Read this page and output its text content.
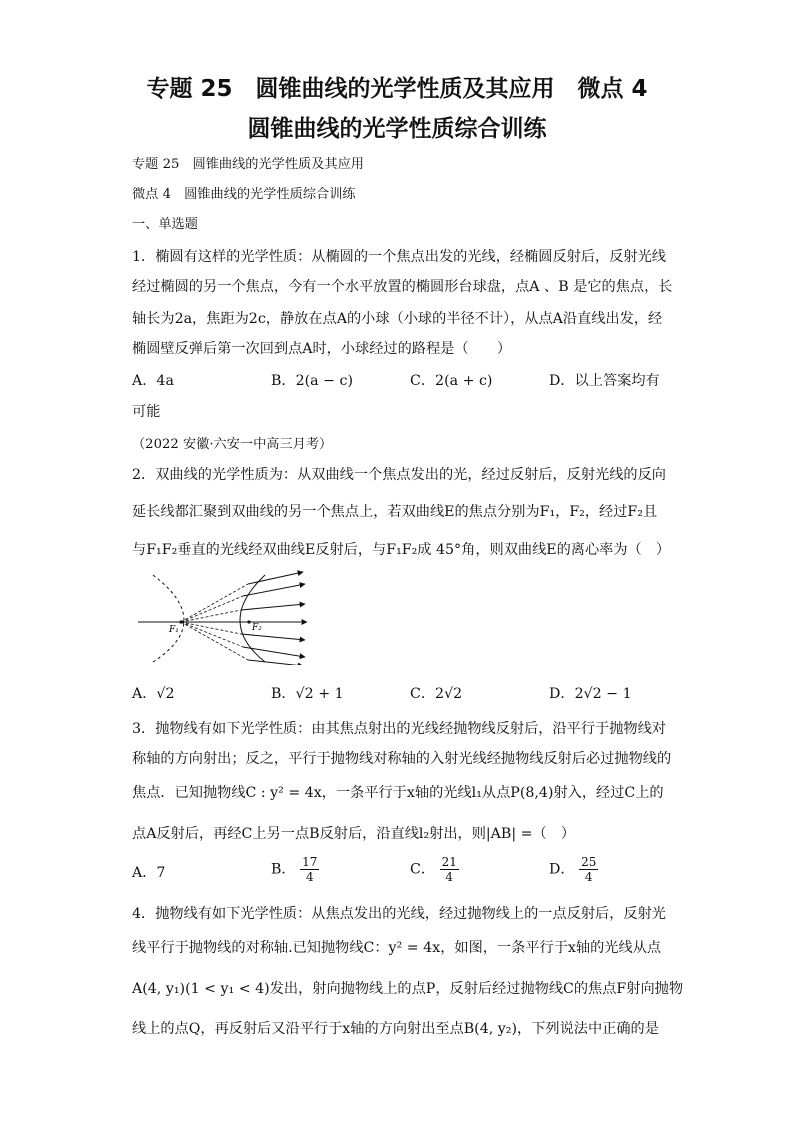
专题 25　圆锥曲线的光学性质及其应用　微点 4
圆锥曲线的光学性质综合训练
专题 25　圆锥曲线的光学性质及其应用
微点 4　圆锥曲线的光学性质综合训练
一、单选题
1．椭圆有这样的光学性质：从椭圆的一个焦点出发的光线，经椭圆反射后，反射光线
经过椭圆的另一个焦点，今有一个水平放置的椭圆形台球盘，点A 、B 是它的焦点，长
轴长为2a，焦距为2c，静放在点A的小球（小球的半径不计），从点A沿直线出发，经
椭圆壁反弹后第一次回到点A时，小球经过的路程是（　　）
A．4a	B．2(a − c)	C．2(a + c)	D．以上答案均有
可能
（2022 安徽·六安一中高三月考）
2．双曲线的光学性质为：从双曲线一个焦点发出的光，经过反射后，反射光线的反向
延长线都汇聚到双曲线的另一个焦点上，若双曲线E的焦点分别为F₁，F₂，经过F₂且
与F₁F₂垂直的光线经双曲线E反射后，与F₁F₂成 45°角，则双曲线E的离心率为（　）
F₁	F₂
A．√2	B．√2 + 1	C．2√2	D．2√2 − 1
3．抛物线有如下光学性质：由其焦点射出的光线经抛物线反射后，沿平行于抛物线对
称轴的方向射出；反之，平行于抛物线对称轴的入射光线经抛物线反射后必过抛物线的
焦点．已知抛物线C : y² = 4x，一条平行于x轴的光线l₁从点P(8,4)射入，经过C上的
点A反射后，再经C上另一点B反射后，沿直线l₂射出，则|AB| =（　）
A．7	B． $\frac{17}{4}$	C． $\frac{21}{4}$	D． $\frac{25}{4}$
4．抛物线有如下光学性质：从焦点发出的光线，经过抛物线上的一点反射后，反射光
线平行于抛物线的对称轴.已知抛物线C：y² = 4x，如图，一条平行于x轴的光线从点
A(4, y₁)(1 < y₁ < 4)发出，射向抛物线上的点P，反射后经过抛物线C的焦点F射向抛物
线上的点Q，再反射后又沿平行于x轴的方向射出至点B(4, y₂)，下列说法中正确的是
